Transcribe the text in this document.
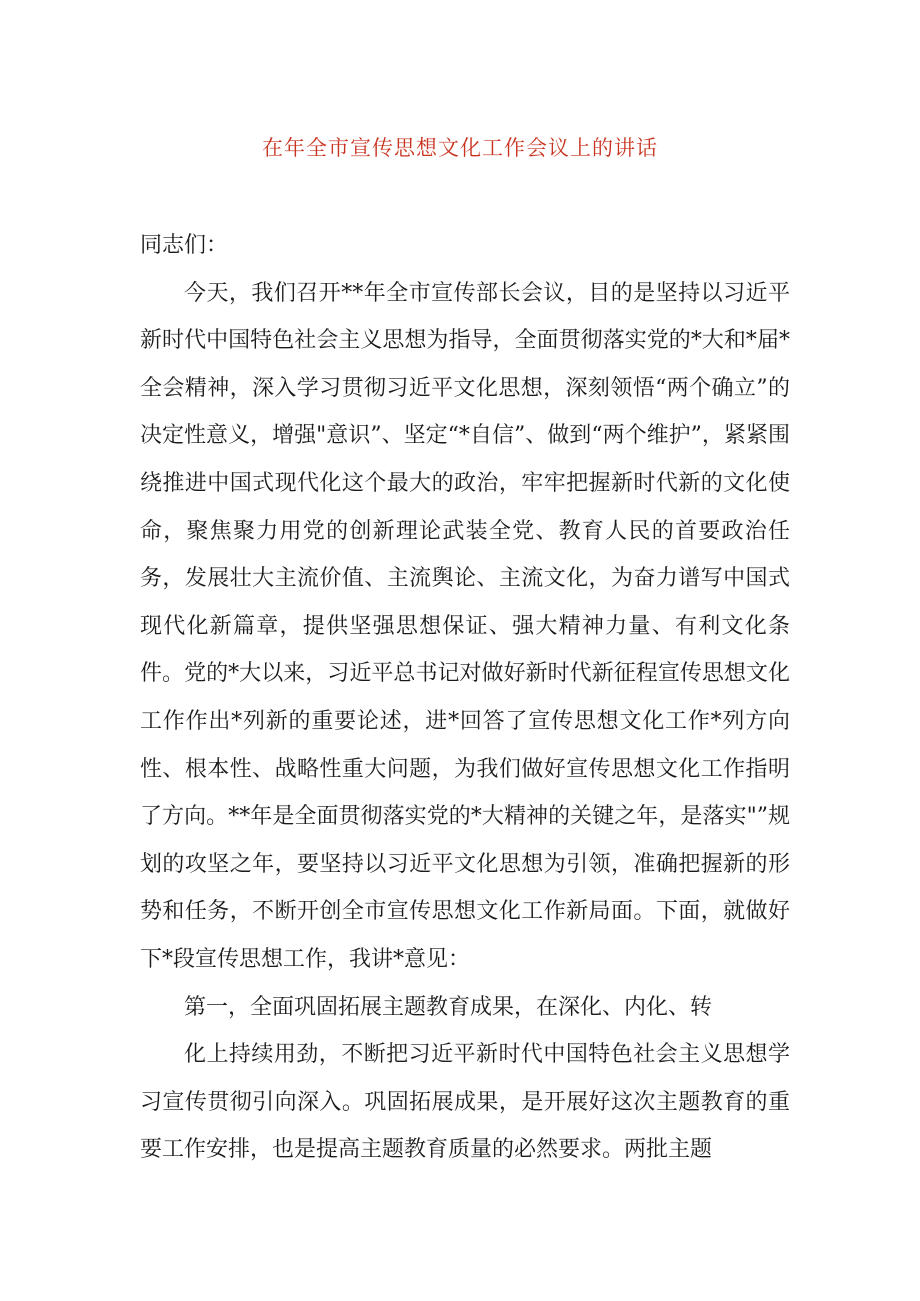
在年全市宣传思想文化工作会议上的讲话

同志们：

今天，我们召开**年全市宣传部长会议，目的是坚持以习近平新时代中国特色社会主义思想为指导，全面贯彻落实党的*大和*届*全会精神，深入学习贯彻习近平文化思想，深刻领悟“两个确立”的决定性意义，增强"意识”、坚定“*自信”、做到“两个维护”，紧紧围绕推进中国式现代化这个最大的政治，牢牢把握新时代新的文化使命，聚焦聚力用党的创新理论武装全党、教育人民的首要政治任务，发展壮大主流价值、主流舆论、主流文化，为奋力谱写中国式现代化新篇章，提供坚强思想保证、强大精神力量、有利文化条件。党的*大以来，习近平总书记对做好新时代新征程宣传思想文化工作作出*列新的重要论述，进*回答了宣传思想文化工作*列方向性、根本性、战略性重大问题，为我们做好宣传思想文化工作指明了方向。**年是全面贯彻落实党的*大精神的关键之年，是落实"”规划的攻坚之年，要坚持以习近平文化思想为引领，准确把握新的形势和任务，不断开创全市宣传思想文化工作新局面。下面，就做好下*段宣传思想工作，我讲*意见：

第一，全面巩固拓展主题教育成果，在深化、内化、转

化上持续用劲，不断把习近平新时代中国特色社会主义思想学习宣传贯彻引向深入。巩固拓展成果，是开展好这次主题教育的重要工作安排，也是提高主题教育质量的必然要求。两批主题
